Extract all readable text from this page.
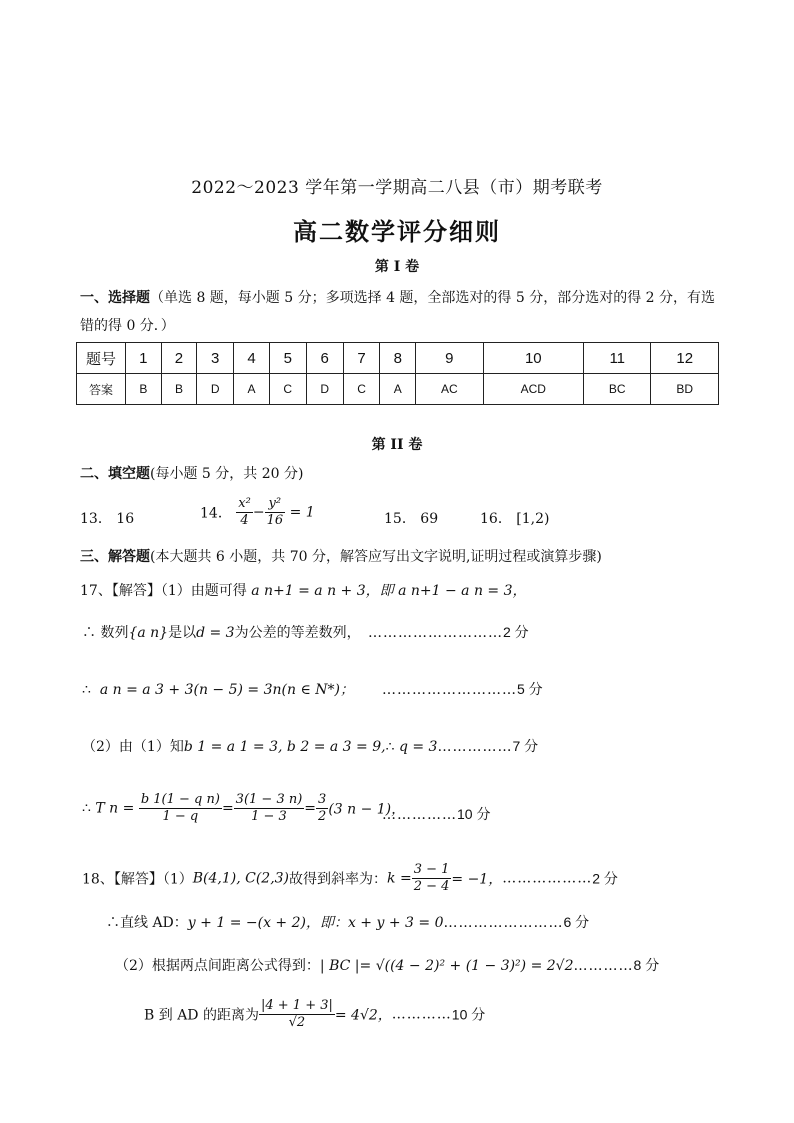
2022～2023 学年第一学期高二八县（市）期考联考
高二数学评分细则
第 I 卷
一、选择题（单选 8 题，每小题 5 分；多项选择 4 题，全部选对的得 5 分，部分选对的得 2 分，有选错的得 0 分．）
题号	1	2	3	4	5	6	7	8	9	10	11	12
答案	B	B	D	A	C	D	C	A	AC	ACD	BC	BD
第 II 卷
二、填空题(每小题 5 分，共 20 分)
13． 16	14． $\frac{\text{x²}}{4} - \frac{\text{y²}}{16} = 1$	15． 69	16． [1,2)
三、解答题(本大题共 6 小题，共 70 分，解答应写出文字说明,证明过程或演算步骤)
17、【解答】（1）由题可得 a n+1 = a n + 3，即 a n+1 − a n = 3，
∴ 数列{a n}是以d = 3为公差的等差数列， ………………………2 分
∴  a n = a 3 + 3(n − 5) = 3n(n ∈ N*)； ………………………5 分
（2）由（1）知b 1 = a 1 = 3, b 2 = a 3 = 9,∴ q = 3……………7 分
∴ T $n = \frac{\text{b 1(1 − q n)}}{1 - q} = \frac{3(1 - 3 n)}{1 - 3} = \frac{3}{2} (3$ n − 1)，
……………10 分
18、【解答】（1）B(4,1), C(2,3)故得到斜率为：$k = \frac{3 - 1}{2 - 4} = -1$，………………2 分
∴直线 AD：y + 1 = −(x + 2)，即：x + y + 3 = 0……………………6 分
（2）根据两点间距离公式得到：| BC |= √((4 − 2)² + (1 − 3)²) = 2√2…………8 分
B 到 AD 的距离为 $\frac{|4 + 1 + 3|}{√2} = 4√2$，…………10 分
